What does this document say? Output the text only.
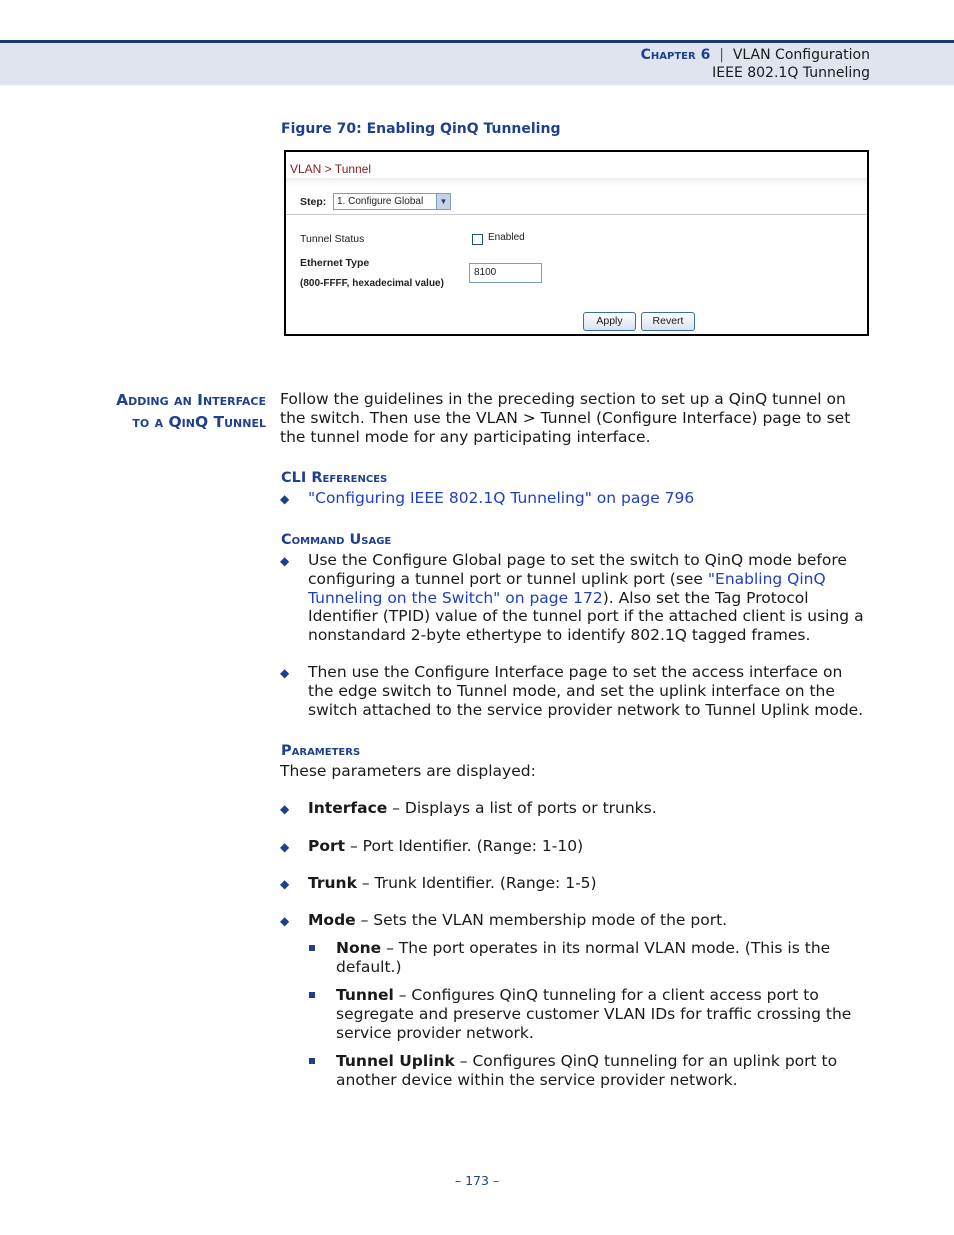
Chapter 6 | VLAN Configuration
IEEE 802.1Q Tunneling
Figure 70: Enabling QinQ Tunneling
VLAN > Tunnel
Step:	1. Configure Global	▼
Tunnel Status	Enabled
Ethernet Type
(800-FFFF, hexadecimal value)
8100
Apply	Revert
Adding an Interface
to a QinQ Tunnel
Follow the guidelines in the preceding section to set up a QinQ tunnel on
the switch. Then use the VLAN > Tunnel (Configure Interface) page to set
the tunnel mode for any participating interface.
CLI References
◆ "Configuring IEEE 802.1Q Tunneling" on page 796
Command Usage
◆ Use the Configure Global page to set the switch to QinQ mode before
configuring a tunnel port or tunnel uplink port (see "Enabling QinQ
Tunneling on the Switch" on page 172). Also set the Tag Protocol
Identifier (TPID) value of the tunnel port if the attached client is using a
nonstandard 2-byte ethertype to identify 802.1Q tagged frames.
◆ Then use the Configure Interface page to set the access interface on
the edge switch to Tunnel mode, and set the uplink interface on the
switch attached to the service provider network to Tunnel Uplink mode.
Parameters
These parameters are displayed:
◆ Interface – Displays a list of ports or trunks.
◆ Port – Port Identifier. (Range: 1-10)
◆ Trunk – Trunk Identifier. (Range: 1-5)
◆ Mode – Sets the VLAN membership mode of the port.
None – The port operates in its normal VLAN mode. (This is the
default.)
Tunnel – Configures QinQ tunneling for a client access port to
segregate and preserve customer VLAN IDs for traffic crossing the
service provider network.
Tunnel Uplink – Configures QinQ tunneling for an uplink port to
another device within the service provider network.
– 173 –
